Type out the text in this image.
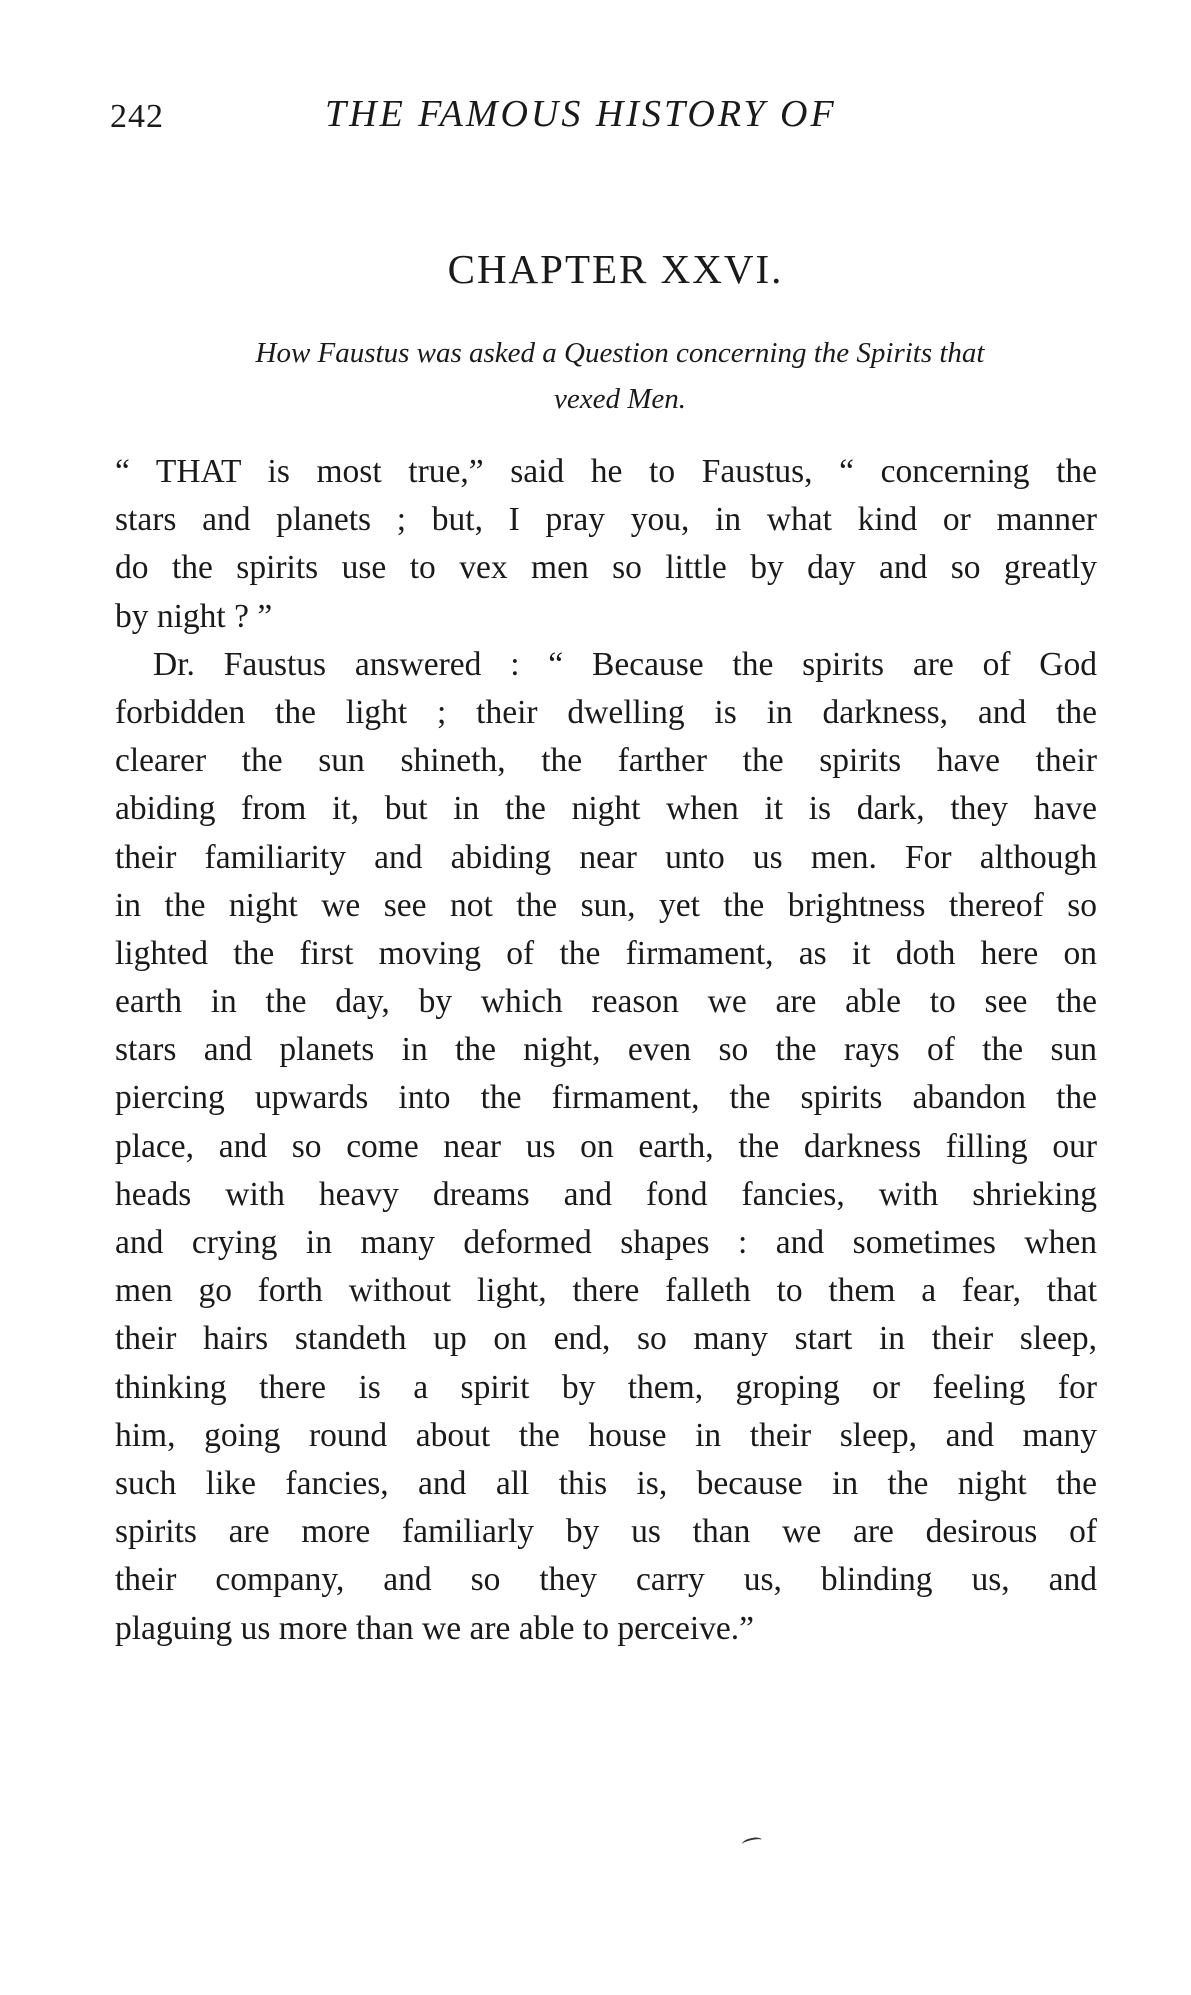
242	THE FAMOUS HISTORY OF
CHAPTER XXVI.
How Faustus was asked a Question concerning the Spirits that
vexed Men.
“ THAT is most true,” said he to Faustus, “ concerning the
stars and planets ; but, I pray you, in what kind or manner
do the spirits use to vex men so little by day and so greatly
by night ? ”
Dr. Faustus answered : “ Because the spirits are of God
forbidden the light ; their dwelling is in darkness, and the
clearer the sun shineth, the farther the spirits have their
abiding from it, but in the night when it is dark, they have
their familiarity and abiding near unto us men. For although
in the night we see not the sun, yet the brightness thereof so
lighted the first moving of the firmament, as it doth here on
earth in the day, by which reason we are able to see the
stars and planets in the night, even so the rays of the sun
piercing upwards into the firmament, the spirits abandon the
place, and so come near us on earth, the darkness filling our
heads with heavy dreams and fond fancies, with shrieking
and crying in many deformed shapes : and sometimes when
men go forth without light, there falleth to them a fear, that
their hairs standeth up on end, so many start in their sleep,
thinking there is a spirit by them, groping or feeling for
him, going round about the house in their sleep, and many
such like fancies, and all this is, because in the night the
spirits are more familiarly by us than we are desirous of
their company, and so they carry us, blinding us, and
plaguing us more than we are able to perceive.”
